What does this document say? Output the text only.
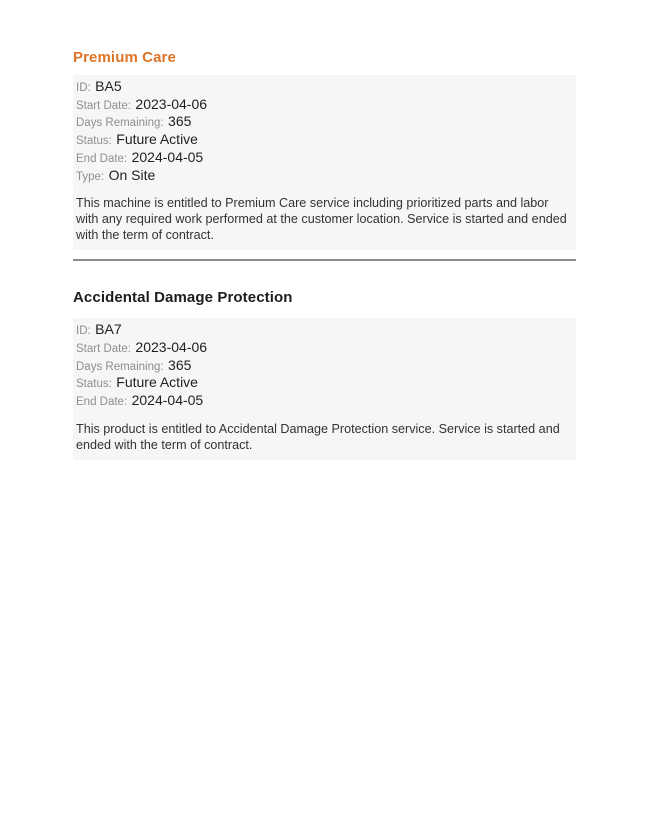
Premium Care
ID: BA5
Start Date: 2023-04-06
Days Remaining: 365
Status: Future Active
End Date: 2024-04-05
Type: On Site

This machine is entitled to Premium Care service including prioritized parts and labor with any required work performed at the customer location. Service is started and ended with the term of contract.

Accidental Damage Protection
ID: BA7
Start Date: 2023-04-06
Days Remaining: 365
Status: Future Active
End Date: 2024-04-05

This product is entitled to Accidental Damage Protection service. Service is started and ended with the term of contract.
